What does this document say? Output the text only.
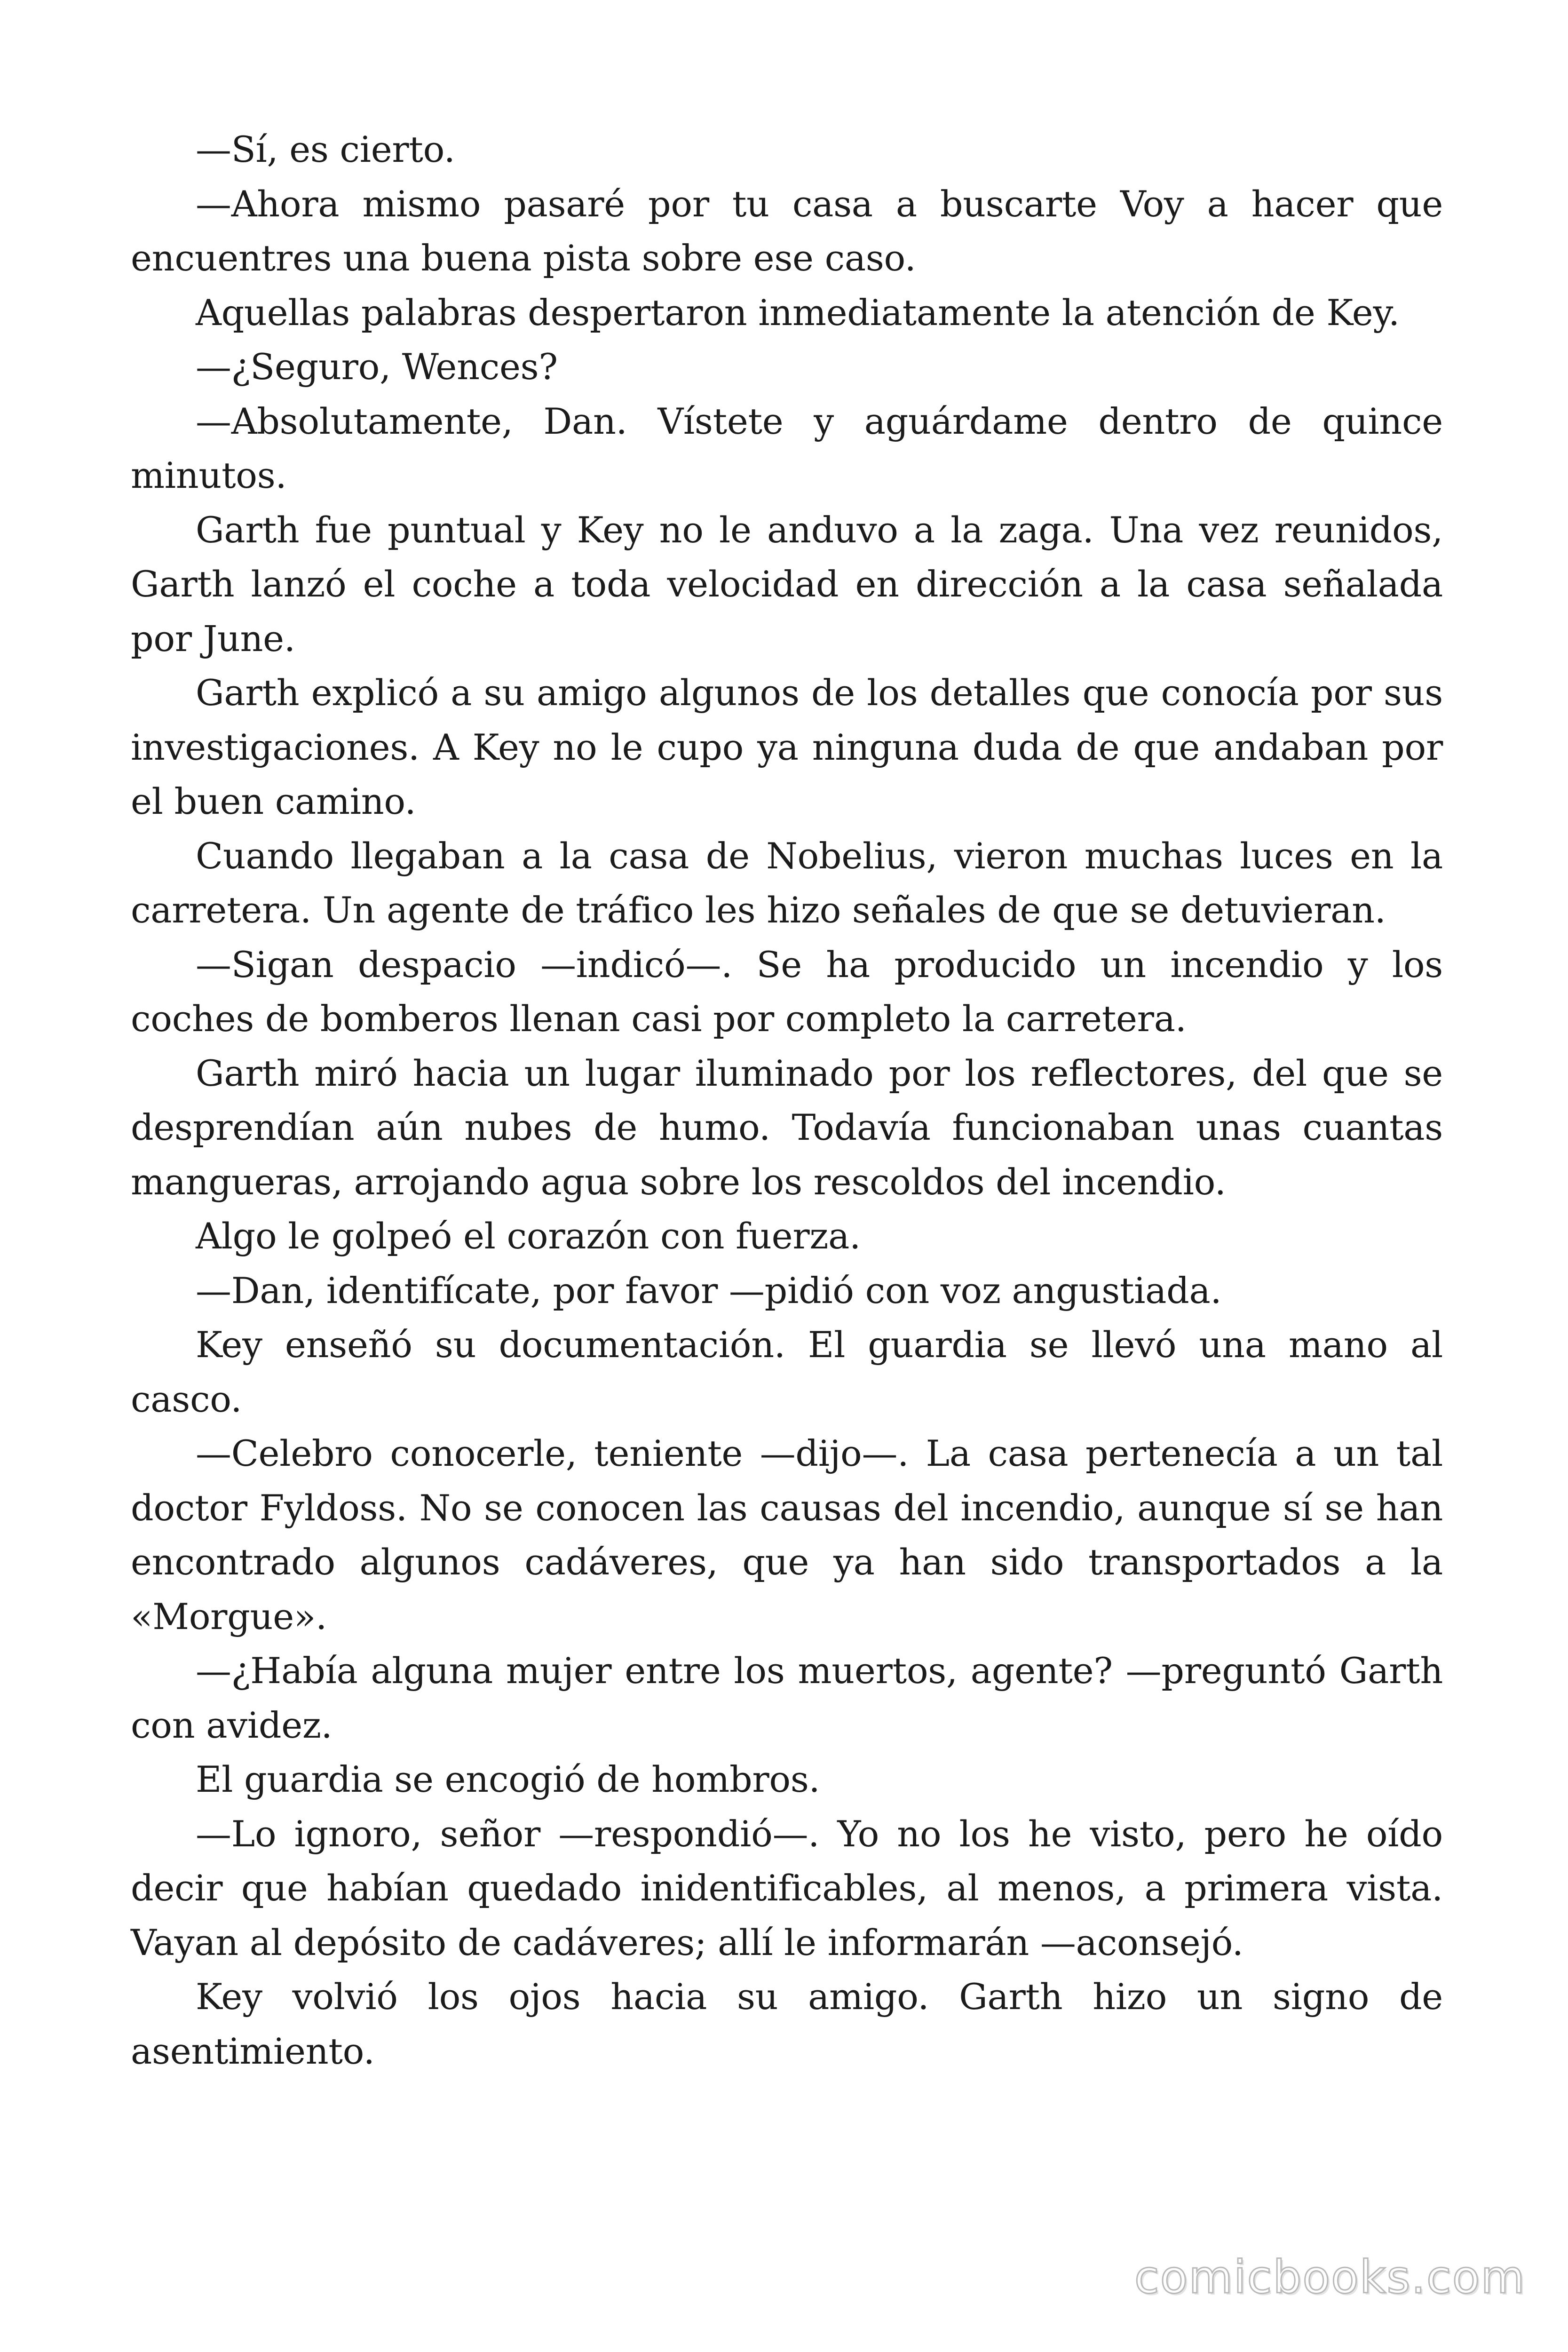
—Sí, es cierto.

—Ahora mismo pasaré por tu casa a buscarte Voy a hacer que encuentres una buena pista sobre ese caso.

Aquellas palabras despertaron inmediatamente la atención de Key.

—¿Seguro, Wences?

—Absolutamente, Dan. Vístete y aguárdame dentro de quince minutos.

Garth fue puntual y Key no le anduvo a la zaga. Una vez reunidos, Garth lanzó el coche a toda velocidad en dirección a la casa señalada por June.

Garth explicó a su amigo algunos de los detalles que conocía por sus investigaciones. A Key no le cupo ya ninguna duda de que andaban por el buen camino.

Cuando llegaban a la casa de Nobelius, vieron muchas luces en la carretera. Un agente de tráfico les hizo señales de que se detuvieran.

—Sigan despacio —indicó—. Se ha producido un incendio y los coches de bomberos llenan casi por completo la carretera.

Garth miró hacia un lugar iluminado por los reflectores, del que se desprendían aún nubes de humo. Todavía funcionaban unas cuantas mangueras, arrojando agua sobre los rescoldos del incendio.

Algo le golpeó el corazón con fuerza.

—Dan, identifícate, por favor —pidió con voz angustiada.

Key enseñó su documentación. El guardia se llevó una mano al casco.

—Celebro conocerle, teniente —dijo—. La casa pertenecía a un tal doctor Fyldoss. No se conocen las causas del incendio, aunque sí se han encontrado algunos cadáveres, que ya han sido transportados a la «Morgue».

—¿Había alguna mujer entre los muertos, agente? —preguntó Garth con avidez.

El guardia se encogió de hombros.

—Lo ignoro, señor —respondió—. Yo no los he visto, pero he oído decir que habían quedado inidentificables, al menos, a primera vista. Vayan al depósito de cadáveres; allí le informarán —aconsejó.

Key volvió los ojos hacia su amigo. Garth hizo un signo de asentimiento.

comicbooks.com
